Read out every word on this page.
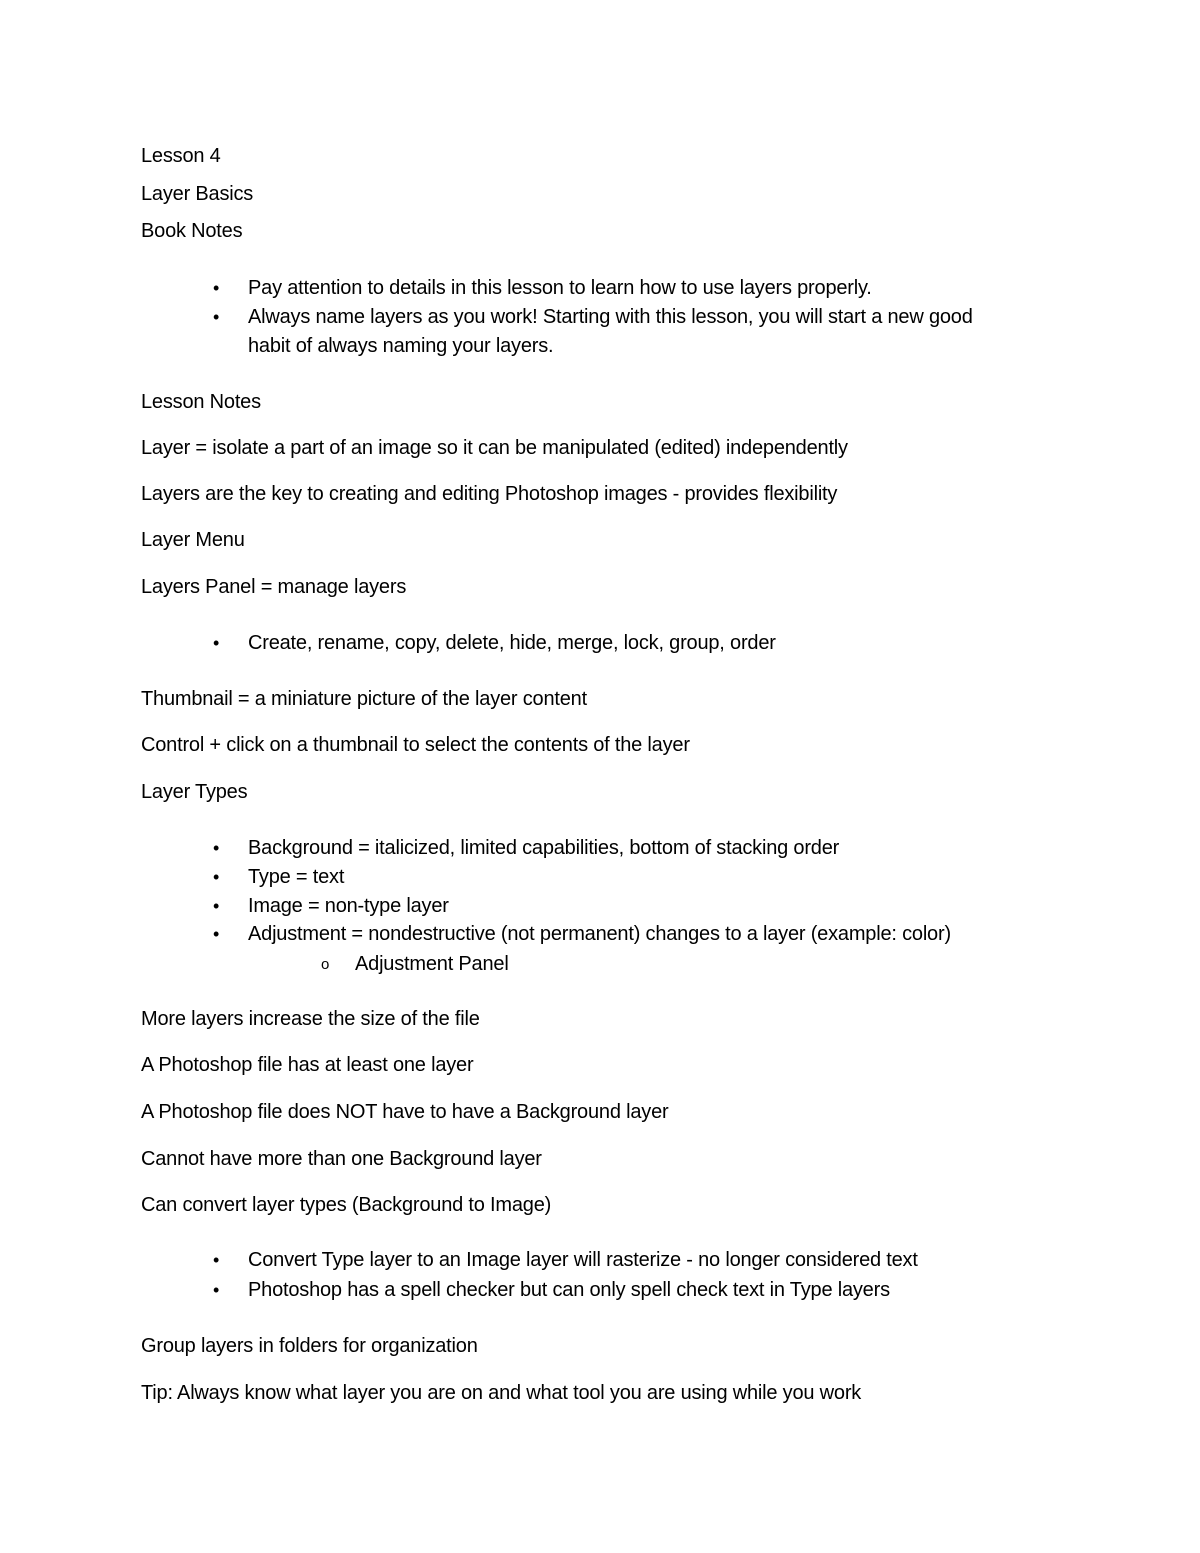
Lesson 4
Layer Basics
Book Notes
• Pay attention to details in this lesson to learn how to use layers properly.
• Always name layers as you work! Starting with this lesson, you will start a new good
habit of always naming your layers.
Lesson Notes
Layer = isolate a part of an image so it can be manipulated (edited) independently
Layers are the key to creating and editing Photoshop images - provides flexibility
Layer Menu
Layers Panel = manage layers
• Create, rename, copy, delete, hide, merge, lock, group, order
Thumbnail = a miniature picture of the layer content
Control + click on a thumbnail to select the contents of the layer
Layer Types
• Background = italicized, limited capabilities, bottom of stacking order
• Type = text
• Image = non-type layer
• Adjustment = nondestructive (not permanent) changes to a layer (example: color)
o Adjustment Panel
More layers increase the size of the file
A Photoshop file has at least one layer
A Photoshop file does NOT have to have a Background layer
Cannot have more than one Background layer
Can convert layer types (Background to Image)
• Convert Type layer to an Image layer will rasterize - no longer considered text
• Photoshop has a spell checker but can only spell check text in Type layers
Group layers in folders for organization
Tip: Always know what layer you are on and what tool you are using while you work
